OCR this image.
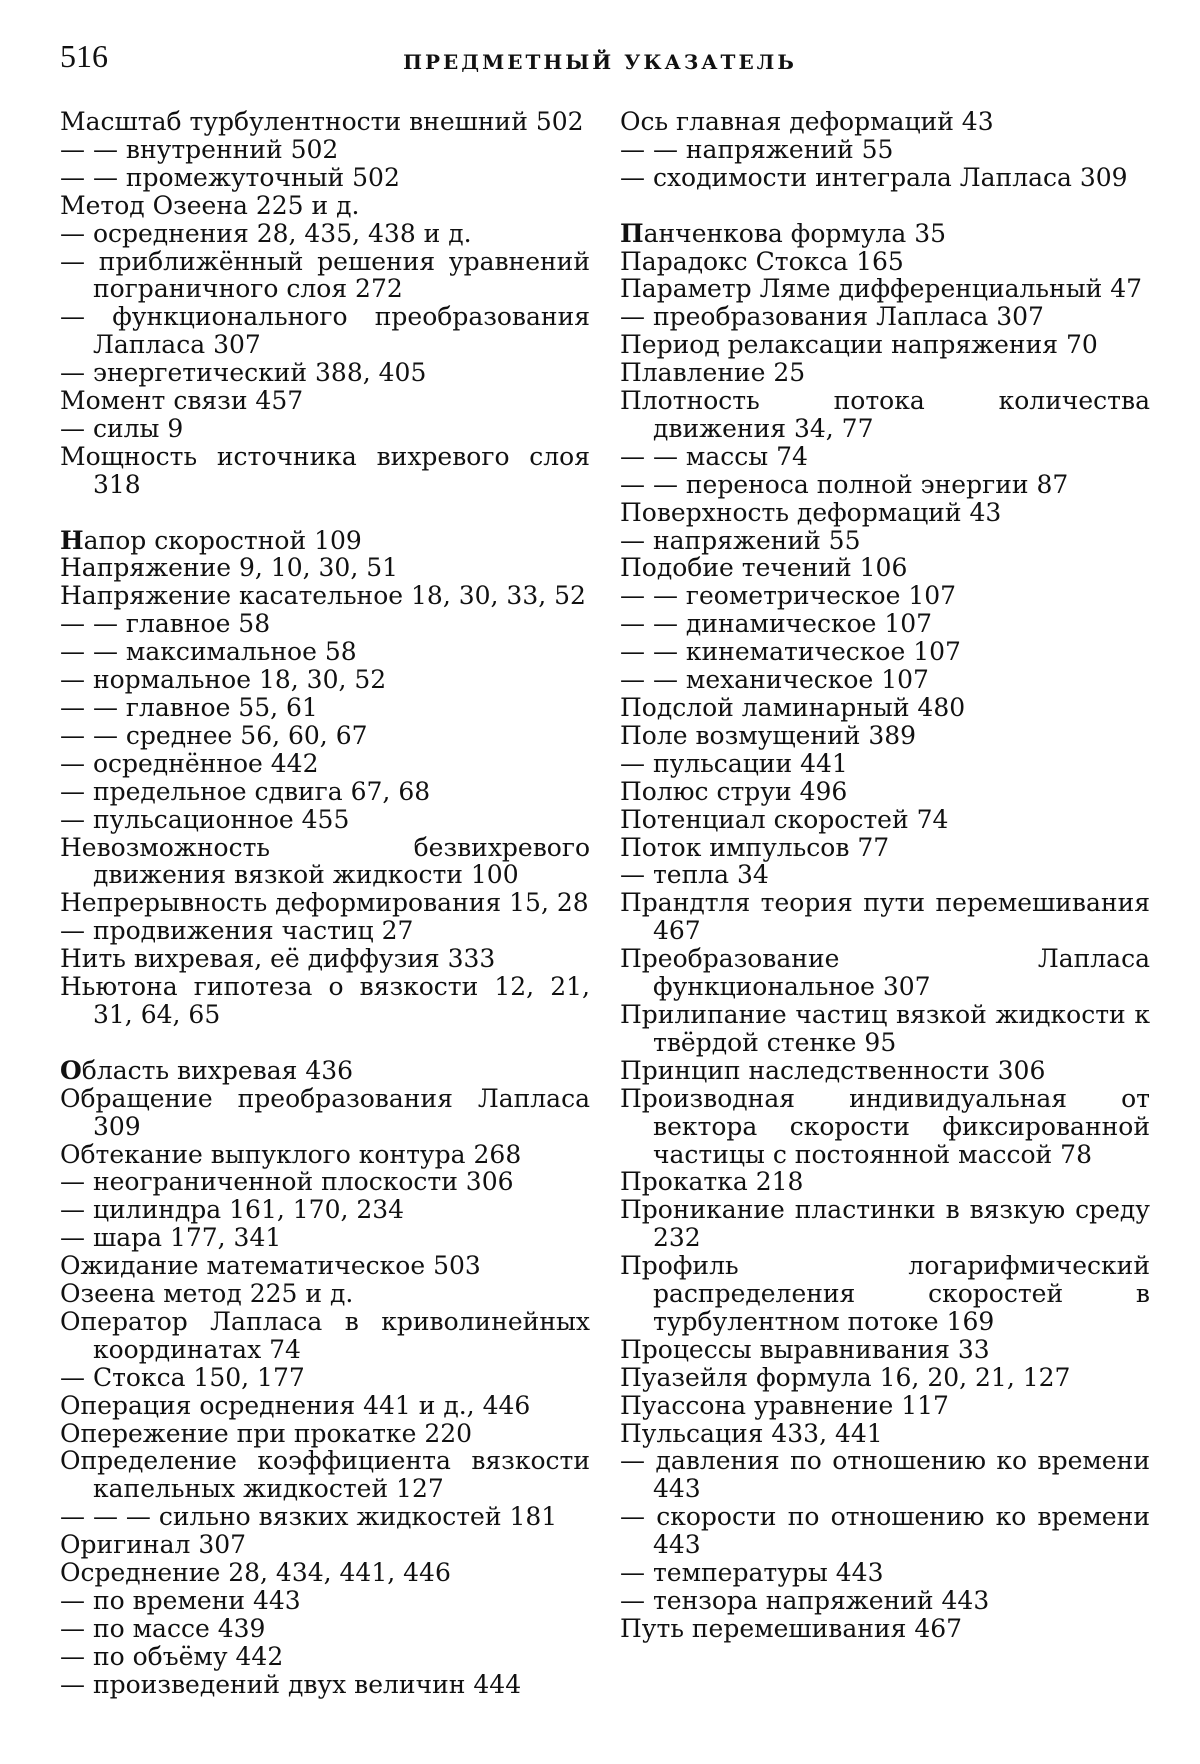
516	ПРЕДМЕТНЫЙ УКАЗАТЕЛЬ
Масштаб турбулентности внешний 502
— — внутренний 502
— — промежуточный 502
Метод Озеена 225 и д.
— осреднения 28, 435, 438 и д.
— приближённый решения уравнений пограничного слоя 272
— функционального преобразования Лапласа 307
— энергетический 388, 405
Момент связи 457
— силы 9
Мощность источника вихревого слоя 318
Напор скоростной 109
Напряжение 9, 10, 30, 51
Напряжение касательное 18, 30, 33, 52
— — главное 58
— — максимальное 58
— нормальное 18, 30, 52
— — главное 55, 61
— — среднее 56, 60, 67
— осреднённое 442
— предельное сдвига 67, 68
— пульсационное 455
Невозможность безвихревого движения вязкой жидкости 100
Непрерывность деформирования 15, 28
— продвижения частиц 27
Нить вихревая, её диффузия 333
Ньютона гипотеза о вязкости 12, 21, 31, 64, 65
Область вихревая 436
Обращение преобразования Лапласа 309
Обтекание выпуклого контура 268
— неограниченной плоскости 306
— цилиндра 161, 170, 234
— шара 177, 341
Ожидание математическое 503
Озеена метод 225 и д.
Оператор Лапласа в криволинейных координатах 74
— Стокса 150, 177
Операция осреднения 441 и д., 446
Опережение при прокатке 220
Определение коэффициента вязкости капельных жидкостей 127
— — — сильно вязких жидкостей 181
Оригинал 307
Осреднение 28, 434, 441, 446
— по времени 443
— по массе 439
— по объёму 442
— произведений двух величин 444
Ось главная деформаций 43
— — напряжений 55
— сходимости интеграла Лапласа 309
Панченкова формула 35
Парадокс Стокса 165
Параметр Ляме дифференциальный 47
— преобразования Лапласа 307
Период релаксации напряжения 70
Плавление 25
Плотность потока количества движения 34, 77
— — массы 74
— — переноса полной энергии 87
Поверхность деформаций 43
— напряжений 55
Подобие течений 106
— — геометрическое 107
— — динамическое 107
— — кинематическое 107
— — механическое 107
Подслой ламинарный 480
Поле возмущений 389
— пульсации 441
Полюс струи 496
Потенциал скоростей 74
Поток импульсов 77
— тепла 34
Прандтля теория пути перемешивания 467
Преобразование Лапласа функциональное 307
Прилипание частиц вязкой жидкости к твёрдой стенке 95
Принцип наследственности 306
Производная индивидуальная от вектора скорости фиксированной частицы с постоянной массой 78
Прокатка 218
Проникание пластинки в вязкую среду 232
Профиль логарифмический распределения скоростей в турбулентном потоке 169
Процессы выравнивания 33
Пуазейля формула 16, 20, 21, 127
Пуассона уравнение 117
Пульсация 433, 441
— давления по отношению ко времени 443
— скорости по отношению ко времени 443
— температуры 443
— тензора напряжений 443
Путь перемешивания 467
